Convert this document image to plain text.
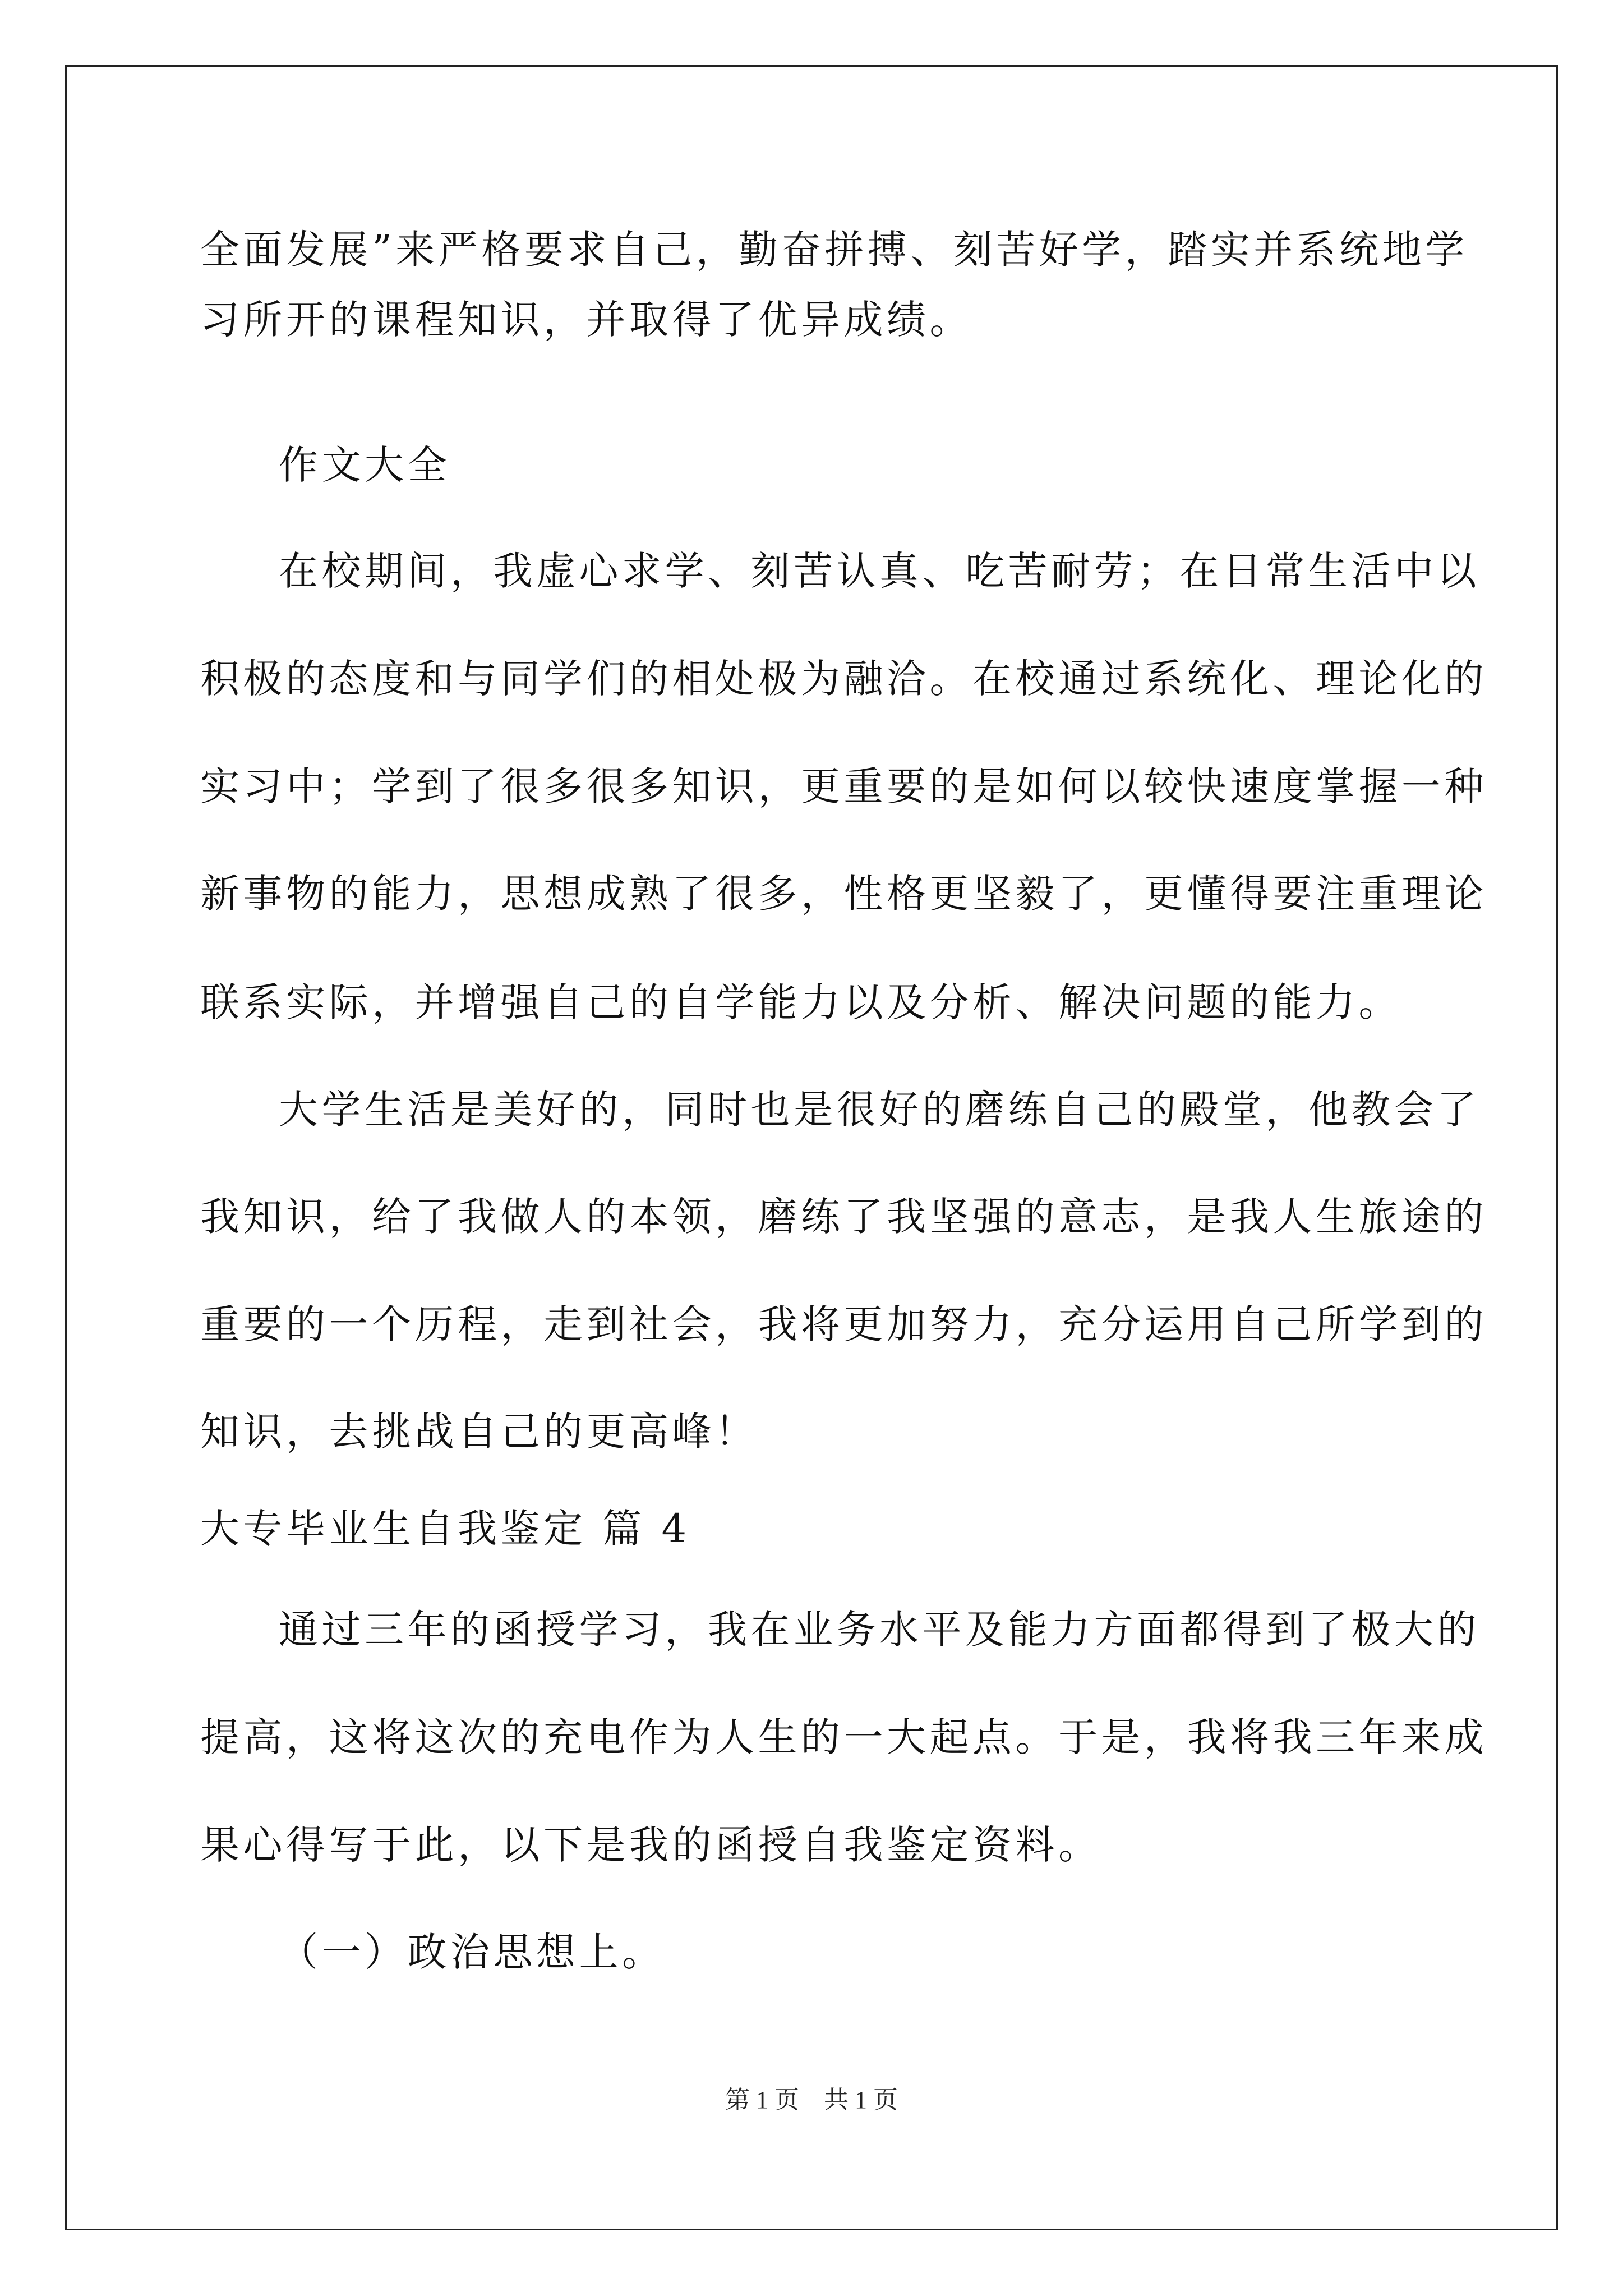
全面发展”来严格要求自己，勤奋拼搏、刻苦好学，踏实并系统地学
习所开的课程知识，并取得了优异成绩。
作文大全
在校期间，我虚心求学、刻苦认真、吃苦耐劳；在日常生活中以
积极的态度和与同学们的相处极为融洽。在校通过系统化、理论化的
实习中；学到了很多很多知识，更重要的是如何以较快速度掌握一种
新事物的能力，思想成熟了很多，性格更坚毅了，更懂得要注重理论
联系实际，并增强自己的自学能力以及分析、解决问题的能力。
大学生活是美好的，同时也是很好的磨练自己的殿堂，他教会了
我知识，给了我做人的本领，磨练了我坚强的意志，是我人生旅途的
重要的一个历程，走到社会，我将更加努力，充分运用自己所学到的
知识，去挑战自己的更高峰！
大专毕业生自我鉴定 篇 4
通过三年的函授学习，我在业务水平及能力方面都得到了极大的
提高，这将这次的充电作为人生的一大起点。于是，我将我三年来成
果心得写于此，以下是我的函授自我鉴定资料。
（一）政治思想上。
第 1 页　共 1 页
